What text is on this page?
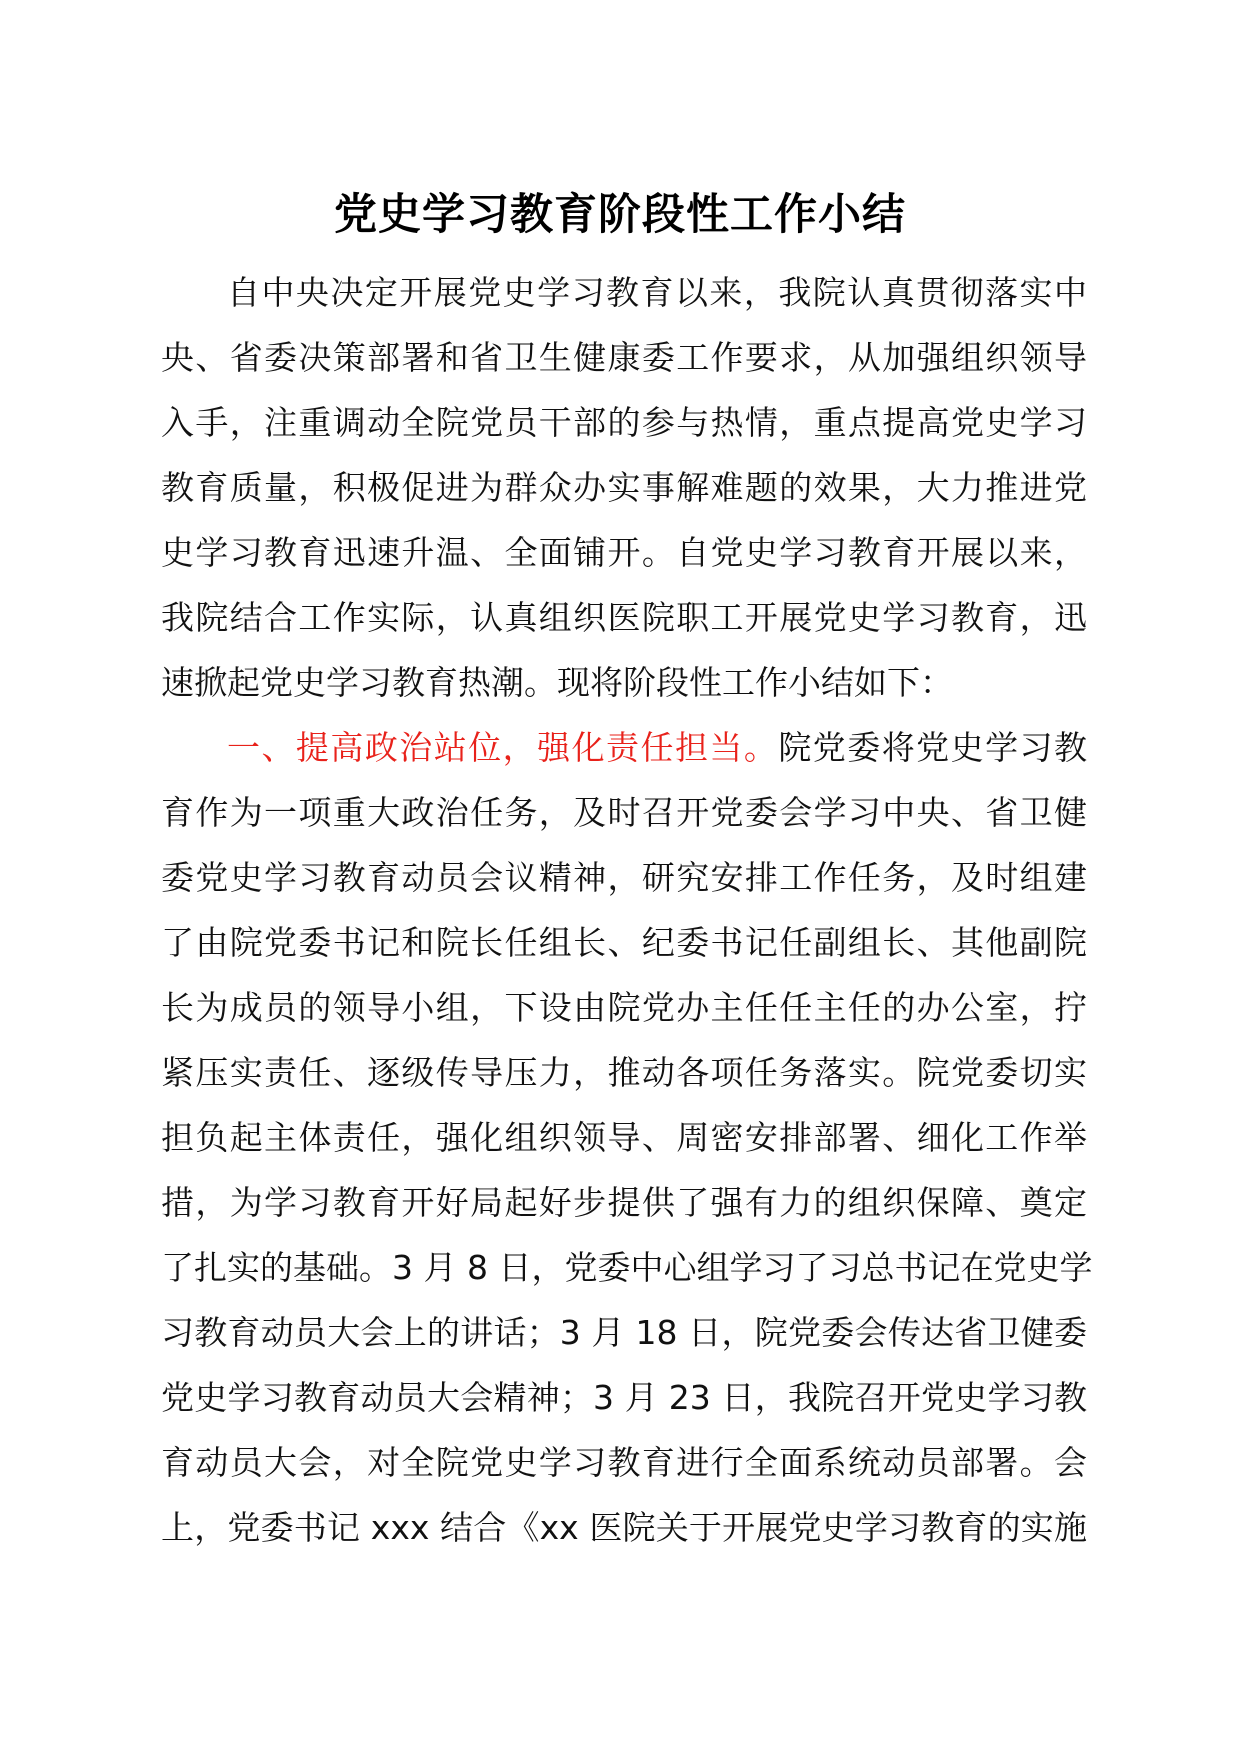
党史学习教育阶段性工作小结
自中央决定开展党史学习教育以来，我院认真贯彻落实中
央、省委决策部署和省卫生健康委工作要求，从加强组织领导
入手，注重调动全院党员干部的参与热情，重点提高党史学习
教育质量，积极促进为群众办实事解难题的效果，大力推进党
史学习教育迅速升温、全面铺开。自党史学习教育开展以来，
我院结合工作实际，认真组织医院职工开展党史学习教育，迅
速掀起党史学习教育热潮。现将阶段性工作小结如下：
一、提高政治站位，强化责任担当。院党委将党史学习教
育作为一项重大政治任务，及时召开党委会学习中央、省卫健
委党史学习教育动员会议精神，研究安排工作任务，及时组建
了由院党委书记和院长任组长、纪委书记任副组长、其他副院
长为成员的领导小组，下设由院党办主任任主任的办公室，拧
紧压实责任、逐级传导压力，推动各项任务落实。院党委切实
担负起主体责任，强化组织领导、周密安排部署、细化工作举
措，为学习教育开好局起好步提供了强有力的组织保障、奠定
了扎实的基础。3 月 8 日，党委中心组学习了习总书记在党史学
习教育动员大会上的讲话；3 月 18 日，院党委会传达省卫健委
党史学习教育动员大会精神；3 月 23 日，我院召开党史学习教
育动员大会，对全院党史学习教育进行全面系统动员部署。会
上，党委书记 xxx 结合《xx 医院关于开展党史学习教育的实施
